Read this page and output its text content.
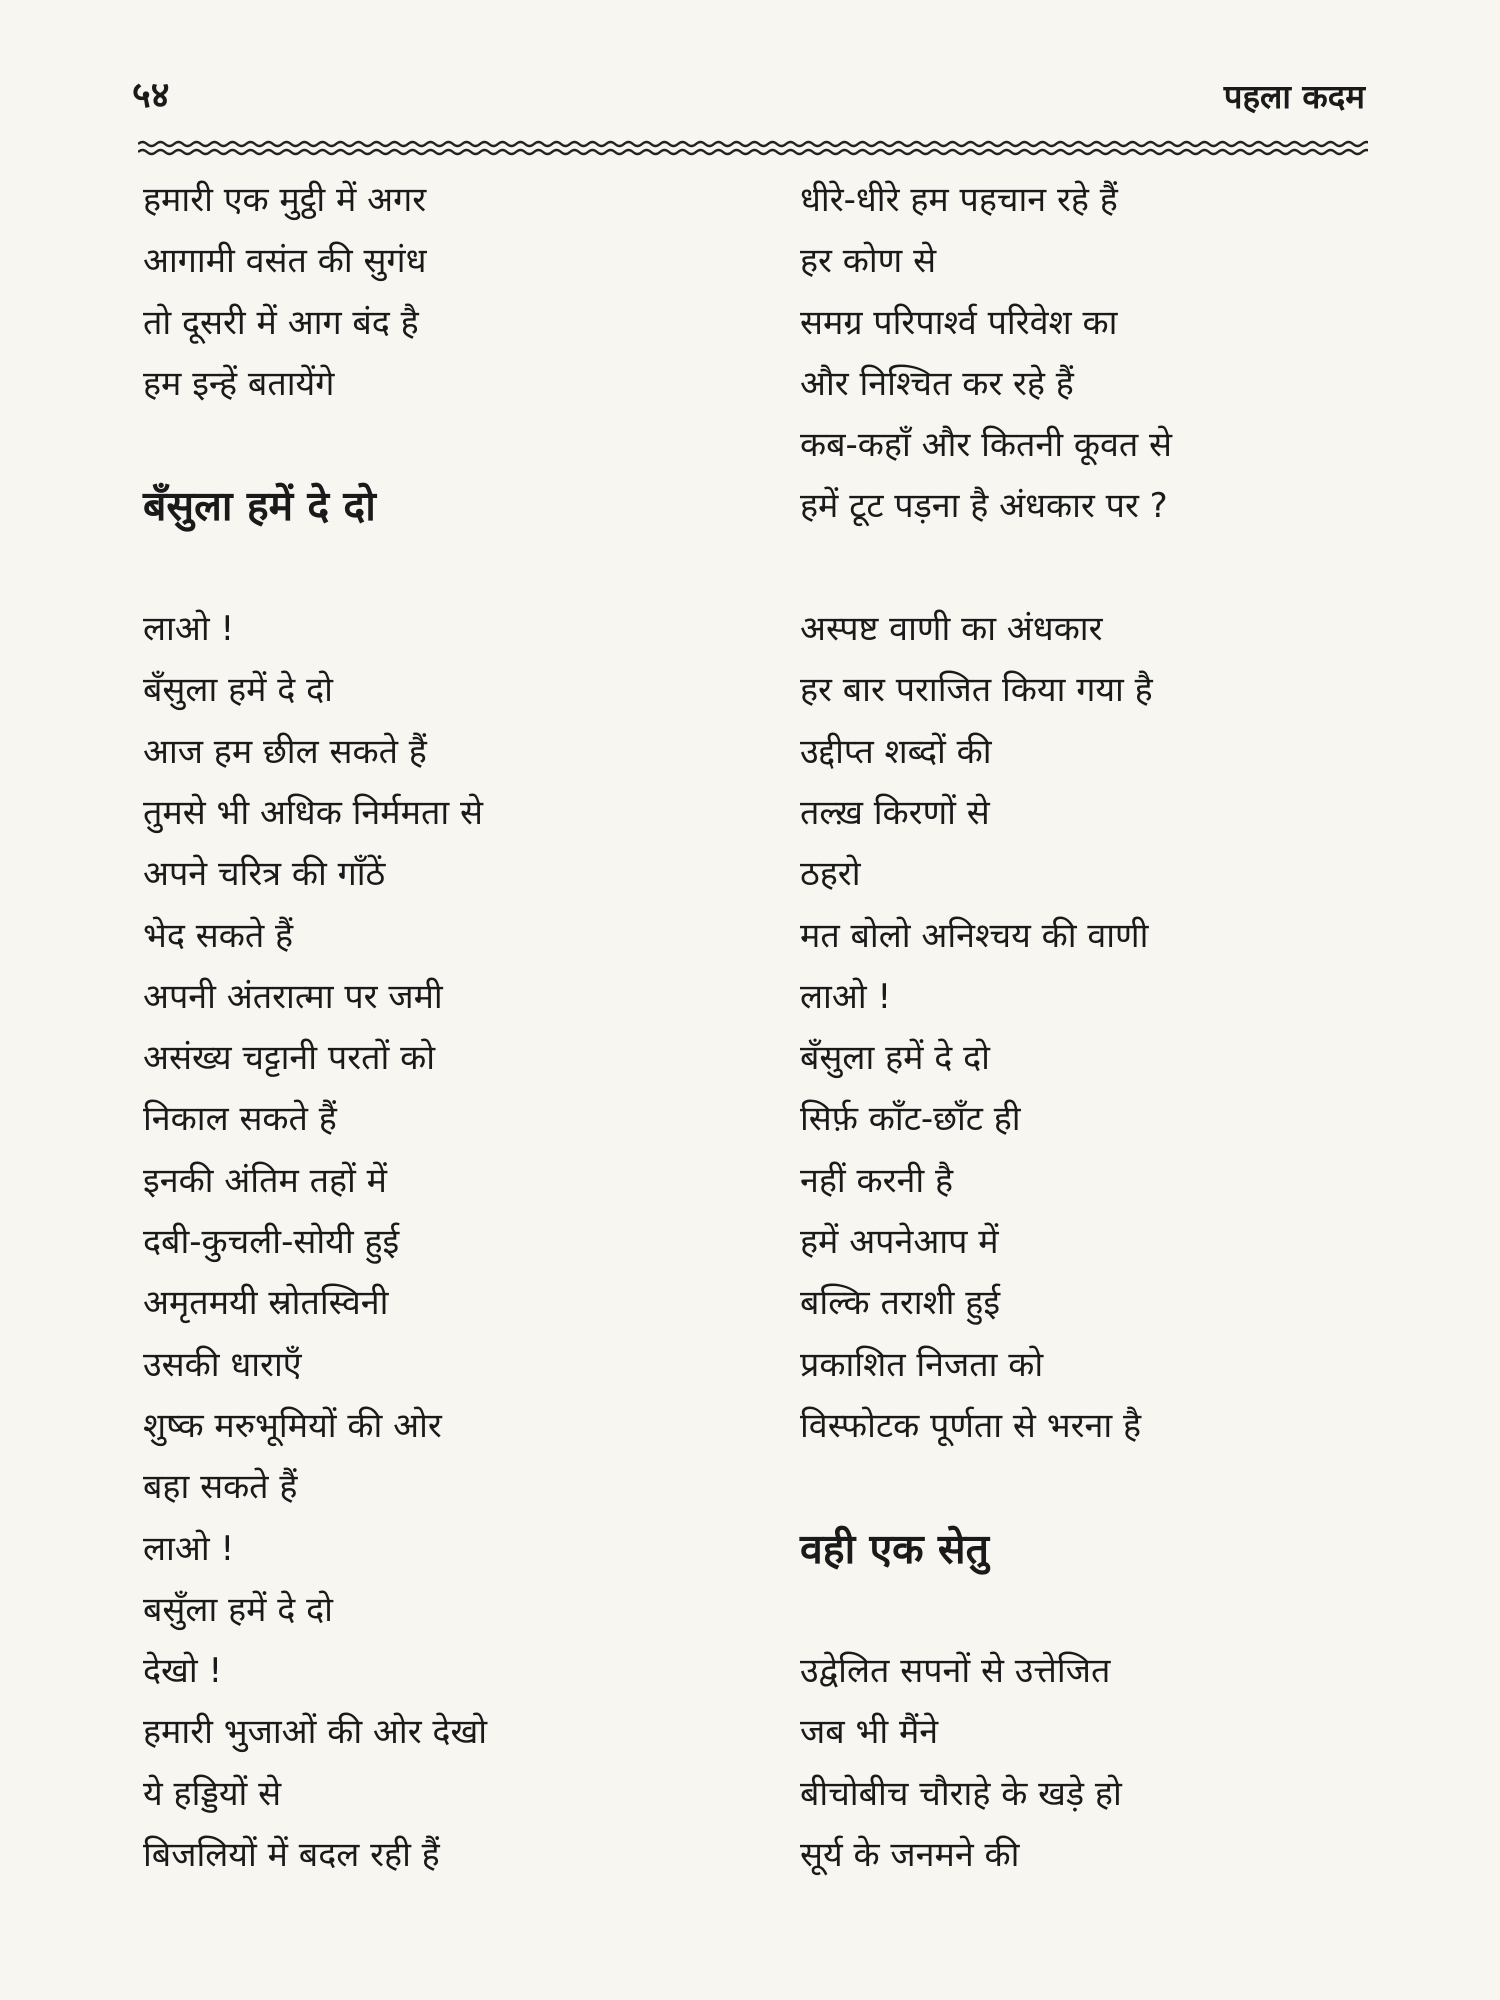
५४	पहला कदम
हमारी एक मुट्ठी में अगर
आगामी वसंत की सुगंध
तो दूसरी में आग बंद है
हम इन्हें बतायेंगे
बँसुला हमें दे दो
लाओ !
बँसुला हमें दे दो
आज हम छील सकते हैं
तुमसे भी अधिक निर्ममता से
अपने चरित्र की गाँठें
भेद सकते हैं
अपनी अंतरात्मा पर जमी
असंख्य चट्टानी परतों को
निकाल सकते हैं
इनकी अंतिम तहों में
दबी-कुचली-सोयी हुई
अमृतमयी स्रोतस्विनी
उसकी धाराएँ
शुष्क मरुभूमियों की ओर
बहा सकते हैं
लाओ !
बसुँला हमें दे दो
देखो !
हमारी भुजाओं की ओर देखो
ये हड्डियों से
बिजलियों में बदल रही हैं
धीरे-धीरे हम पहचान रहे हैं
हर कोण से
समग्र परिपार्श्व परिवेश का
और निश्चित कर रहे हैं
कब-कहाँ और कितनी कूवत से
हमें टूट पड़ना है अंधकार पर ?
अस्पष्ट वाणी का अंधकार
हर बार पराजित किया गया है
उद्दीप्त शब्दों की
तल्ख़ किरणों से
ठहरो
मत बोलो अनिश्चय की वाणी
लाओ !
बँसुला हमें दे दो
सिर्फ़ काँट-छाँट ही
नहीं करनी है
हमें अपनेआप में
बल्कि तराशी हुई
प्रकाशित निजता को
विस्फोटक पूर्णता से भरना है
वही एक सेतु
उद्वेलित सपनों से उत्तेजित
जब भी मैंने
बीचोबीच चौराहे के खड़े हो
सूर्य के जनमने की
